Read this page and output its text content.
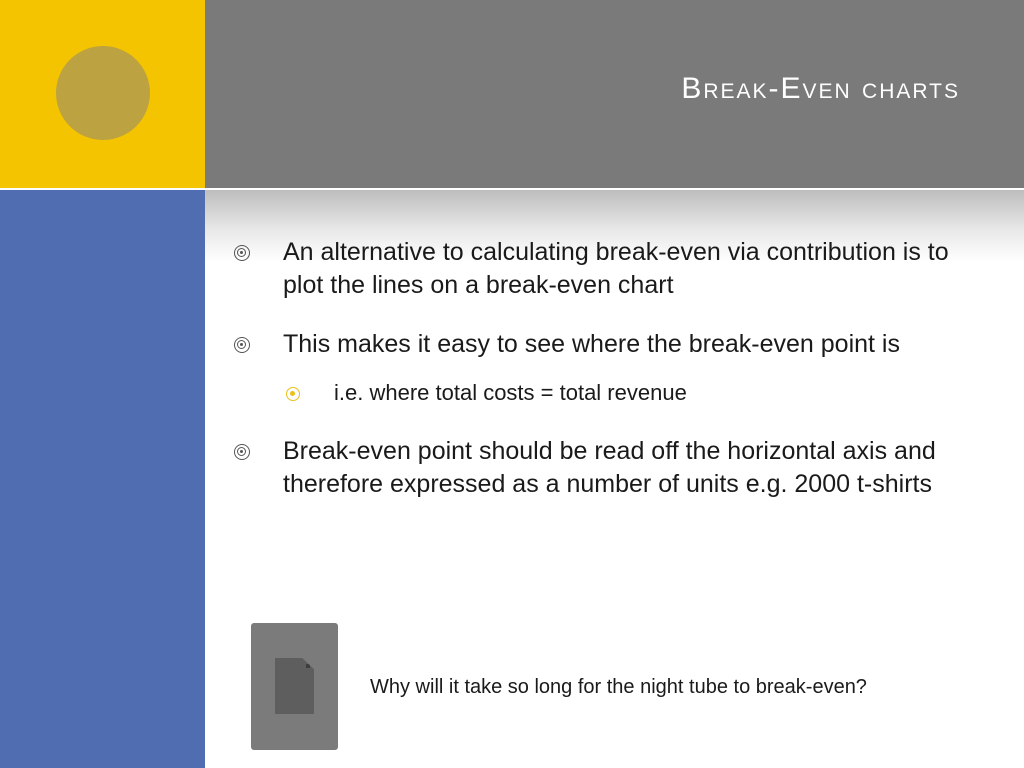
Break-Even charts
An alternative to calculating break-even via contribution is to plot the lines on a break-even chart
This makes it easy to see where the break-even point is
i.e. where total costs = total revenue
Break-even point should be read off the horizontal axis and therefore expressed as a number of units e.g. 2000 t-shirts
Why will it take so long for the night tube to break-even?
